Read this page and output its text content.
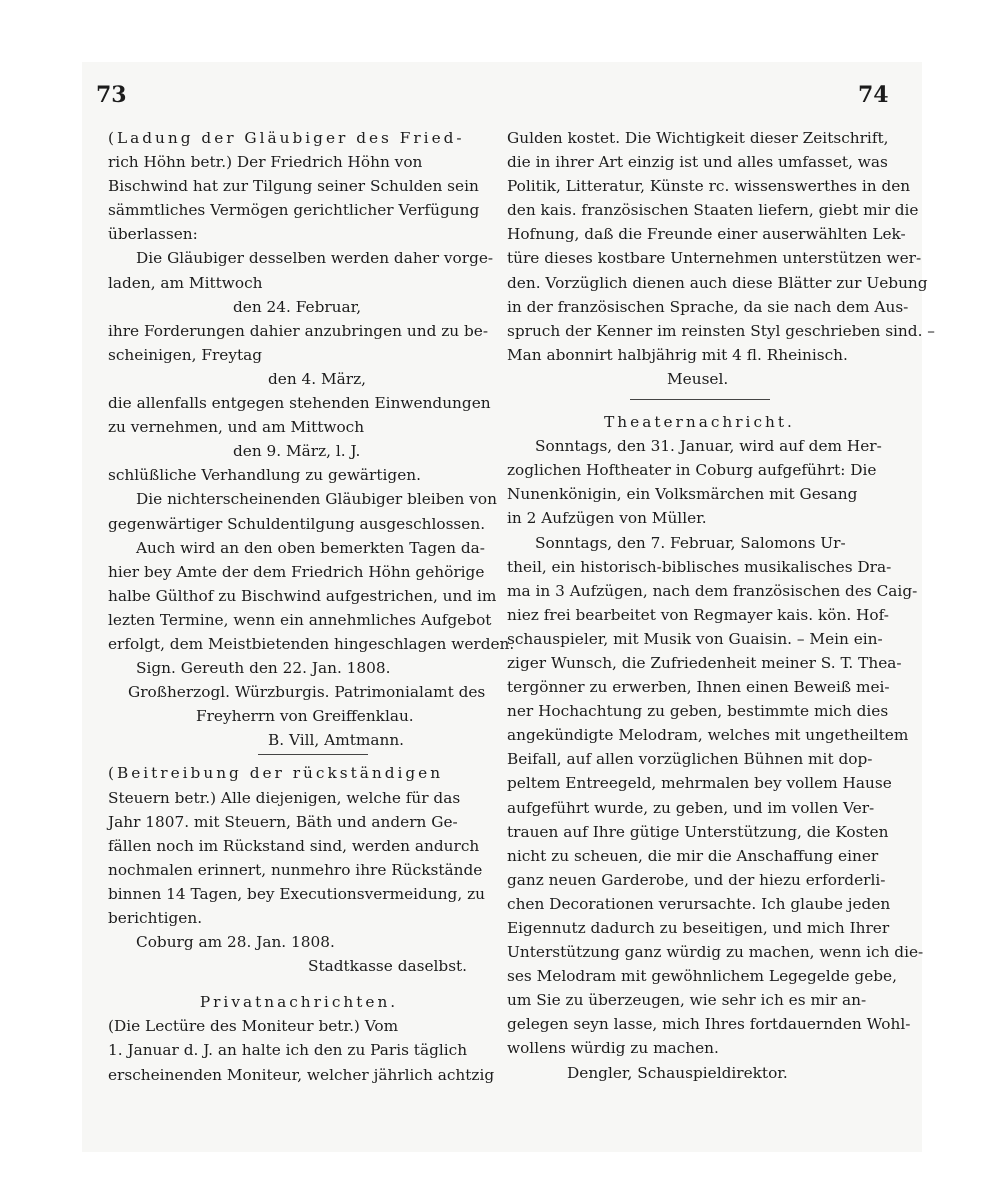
73	74
(Ladung der Gläubiger des Fried-
rich Höhn betr.) Der Friedrich Höhn von
Bischwind hat zur Tilgung seiner Schulden sein
sämmtliches Vermögen gerichtlicher Verfügung
überlassen:
Die Gläubiger desselben werden daher vorge-
laden, am Mittwoch
den 24. Februar,
ihre Forderungen dahier anzubringen und zu be-
scheinigen, Freytag
den 4. März,
die allenfalls entgegen stehenden Einwendungen
zu vernehmen, und am Mittwoch
den 9. März, l. J.
schlüßliche Verhandlung zu gewärtigen.
Die nichterscheinenden Gläubiger bleiben von
gegenwärtiger Schuldentilgung ausgeschlossen.
Auch wird an den oben bemerkten Tagen da-
hier bey Amte der dem Friedrich Höhn gehörige
halbe Gülthof zu Bischwind aufgestrichen, und im
lezten Termine, wenn ein annehmliches Aufgebot
erfolgt, dem Meistbietenden hingeschlagen werden.
Sign. Gereuth den 22. Jan. 1808.
Großherzogl. Würzburgis. Patrimonialamt des
Freyherrn von Greiffenklau.
B. Vill, Amtmann.
(Beitreibung der rückständigen
Steuern betr.) Alle diejenigen, welche für das
Jahr 1807. mit Steuern, Bäth und andern Ge-
fällen noch im Rückstand sind, werden andurch
nochmalen erinnert, nunmehro ihre Rückstände
binnen 14 Tagen, bey Executionsvermeidung, zu
berichtigen.
Coburg am 28. Jan. 1808.
Stadtkasse daselbst.
Privatnachrichten.
(Die Lectüre des Moniteur betr.) Vom
1. Januar d. J. an halte ich den zu Paris täglich
erscheinenden Moniteur, welcher jährlich achtzig
Gulden kostet. Die Wichtigkeit dieser Zeitschrift,
die in ihrer Art einzig ist und alles umfasset, was
Politik, Litteratur, Künste rc. wissenswerthes in den
den kais. französischen Staaten liefern, giebt mir die
Hofnung, daß die Freunde einer auserwählten Lek-
türe dieses kostbare Unternehmen unterstützen wer-
den. Vorzüglich dienen auch diese Blätter zur Uebung
in der französischen Sprache, da sie nach dem Aus-
spruch der Kenner im reinsten Styl geschrieben sind. –
Man abonnirt halbjährig mit 4 fl. Rheinisch.
Meusel.
Theaternachricht.
Sonntags, den 31. Januar, wird auf dem Her-
zoglichen Hoftheater in Coburg aufgeführt: Die
Nunenkönigin, ein Volksmärchen mit Gesang
in 2 Aufzügen von Müller.
Sonntags, den 7. Februar, Salomons Ur-
theil, ein historisch-biblisches musikalisches Dra-
ma in 3 Aufzügen, nach dem französischen des Caig-
niez frei bearbeitet von Regmayer kais. kön. Hof-
schauspieler, mit Musik von Guaisin. – Mein ein-
ziger Wunsch, die Zufriedenheit meiner S. T. Thea-
tergönner zu erwerben, Ihnen einen Beweiß mei-
ner Hochachtung zu geben, bestimmte mich dies
angekündigte Melodram, welches mit ungetheiltem
Beifall, auf allen vorzüglichen Bühnen mit dop-
peltem Entreegeld, mehrmalen bey vollem Hause
aufgeführt wurde, zu geben, und im vollen Ver-
trauen auf Ihre gütige Unterstützung, die Kosten
nicht zu scheuen, die mir die Anschaffung einer
ganz neuen Garderobe, und der hiezu erforderli-
chen Decorationen verursachte. Ich glaube jeden
Eigennutz dadurch zu beseitigen, und mich Ihrer
Unterstützung ganz würdig zu machen, wenn ich die-
ses Melodram mit gewöhnlichem Legegelde gebe,
um Sie zu überzeugen, wie sehr ich es mir an-
gelegen seyn lasse, mich Ihres fortdauernden Wohl-
wollens würdig zu machen.
Dengler, Schauspieldirektor.
